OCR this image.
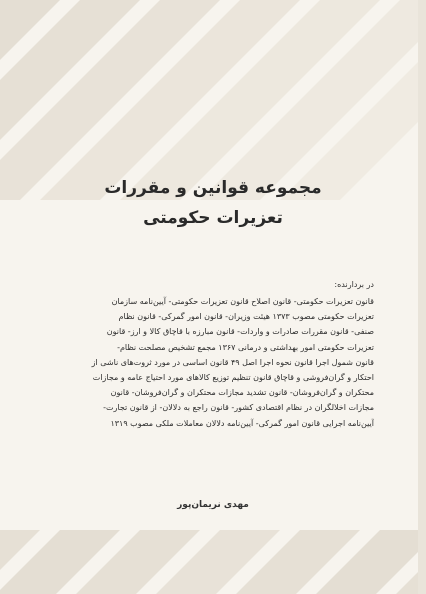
مجموعه قوانین و مقررات
تعزیرات حکومتی
در بردارنده:
قانون تعزیرات حکومتی- قانون اصلاح قانون تعزیرات حکومتی- آیین‌نامه سازمان
تعزیرات حکومتی مصوب ۱۳۷۳ هیئت وزیران- قانون امور گمرکی- قانون نظام
صنفی- قانون مقررات صادرات و واردات- قانون مبارزه با قاچاق کالا و ارز- قانون
تعزیرات حکومتی امور بهداشتی و درمانی ۱۳۶۷ مجمع تشخیص مصلحت نظام-
قانون شمول اجرا قانون نحوه اجرا اصل ۴۹ قانون اساسی در مورد ثروت‌های ناشی از
احتکار و گران‌فروشی و قاچاق قانون تنظیم توزیع کالاهای مورد احتیاج عامه و مجازات
محتکران و گران‌فروشان- قانون تشدید مجازات محتکران و گران‌فروشان- قانون
مجازات اخلالگران در نظام اقتصادی کشور- قانون راجع به دلالان- از قانون تجارت-
آیین‌نامه اجرایی قانون امور گمرکی- آیین‌نامه دلالان معاملات ملکی مصوب ۱۳۱۹
مهدی نریمان‌پور
